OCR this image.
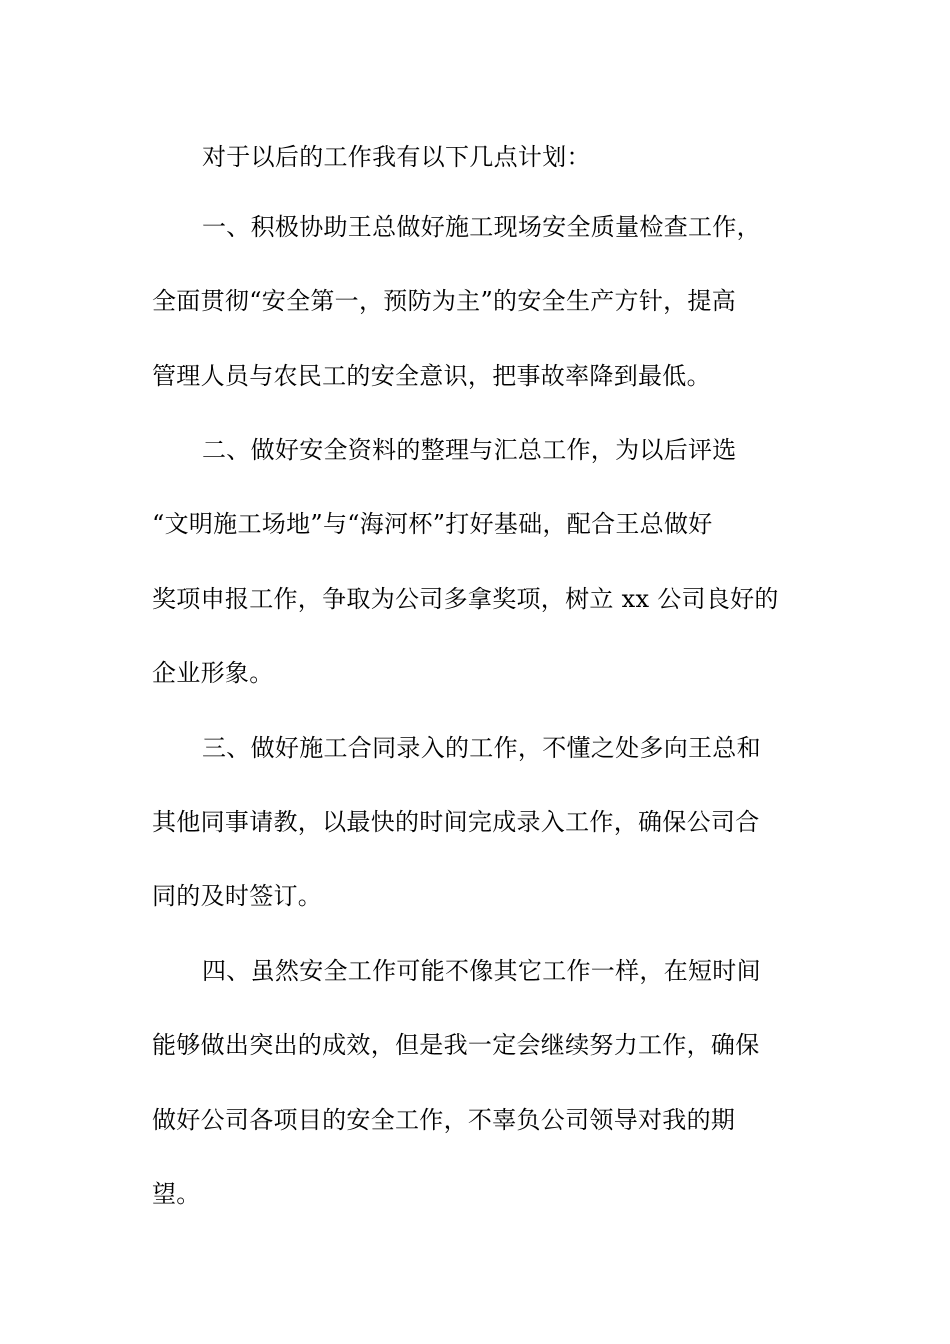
对于以后的工作我有以下几点计划：
一、积极协助王总做好施工现场安全质量检查工作，
全面贯彻“安全第一，预防为主”的安全生产方针，提高
管理人员与农民工的安全意识，把事故率降到最低。
二、做好安全资料的整理与汇总工作，为以后评选
“文明施工场地”与“海河杯”打好基础，配合王总做好
奖项申报工作，争取为公司多拿奖项，树立 xx 公司良好的
企业形象。
三、做好施工合同录入的工作，不懂之处多向王总和
其他同事请教，以最快的时间完成录入工作，确保公司合
同的及时签订。
四、虽然安全工作可能不像其它工作一样，在短时间
能够做出突出的成效，但是我一定会继续努力工作，确保
做好公司各项目的安全工作，不辜负公司领导对我的期
望。
